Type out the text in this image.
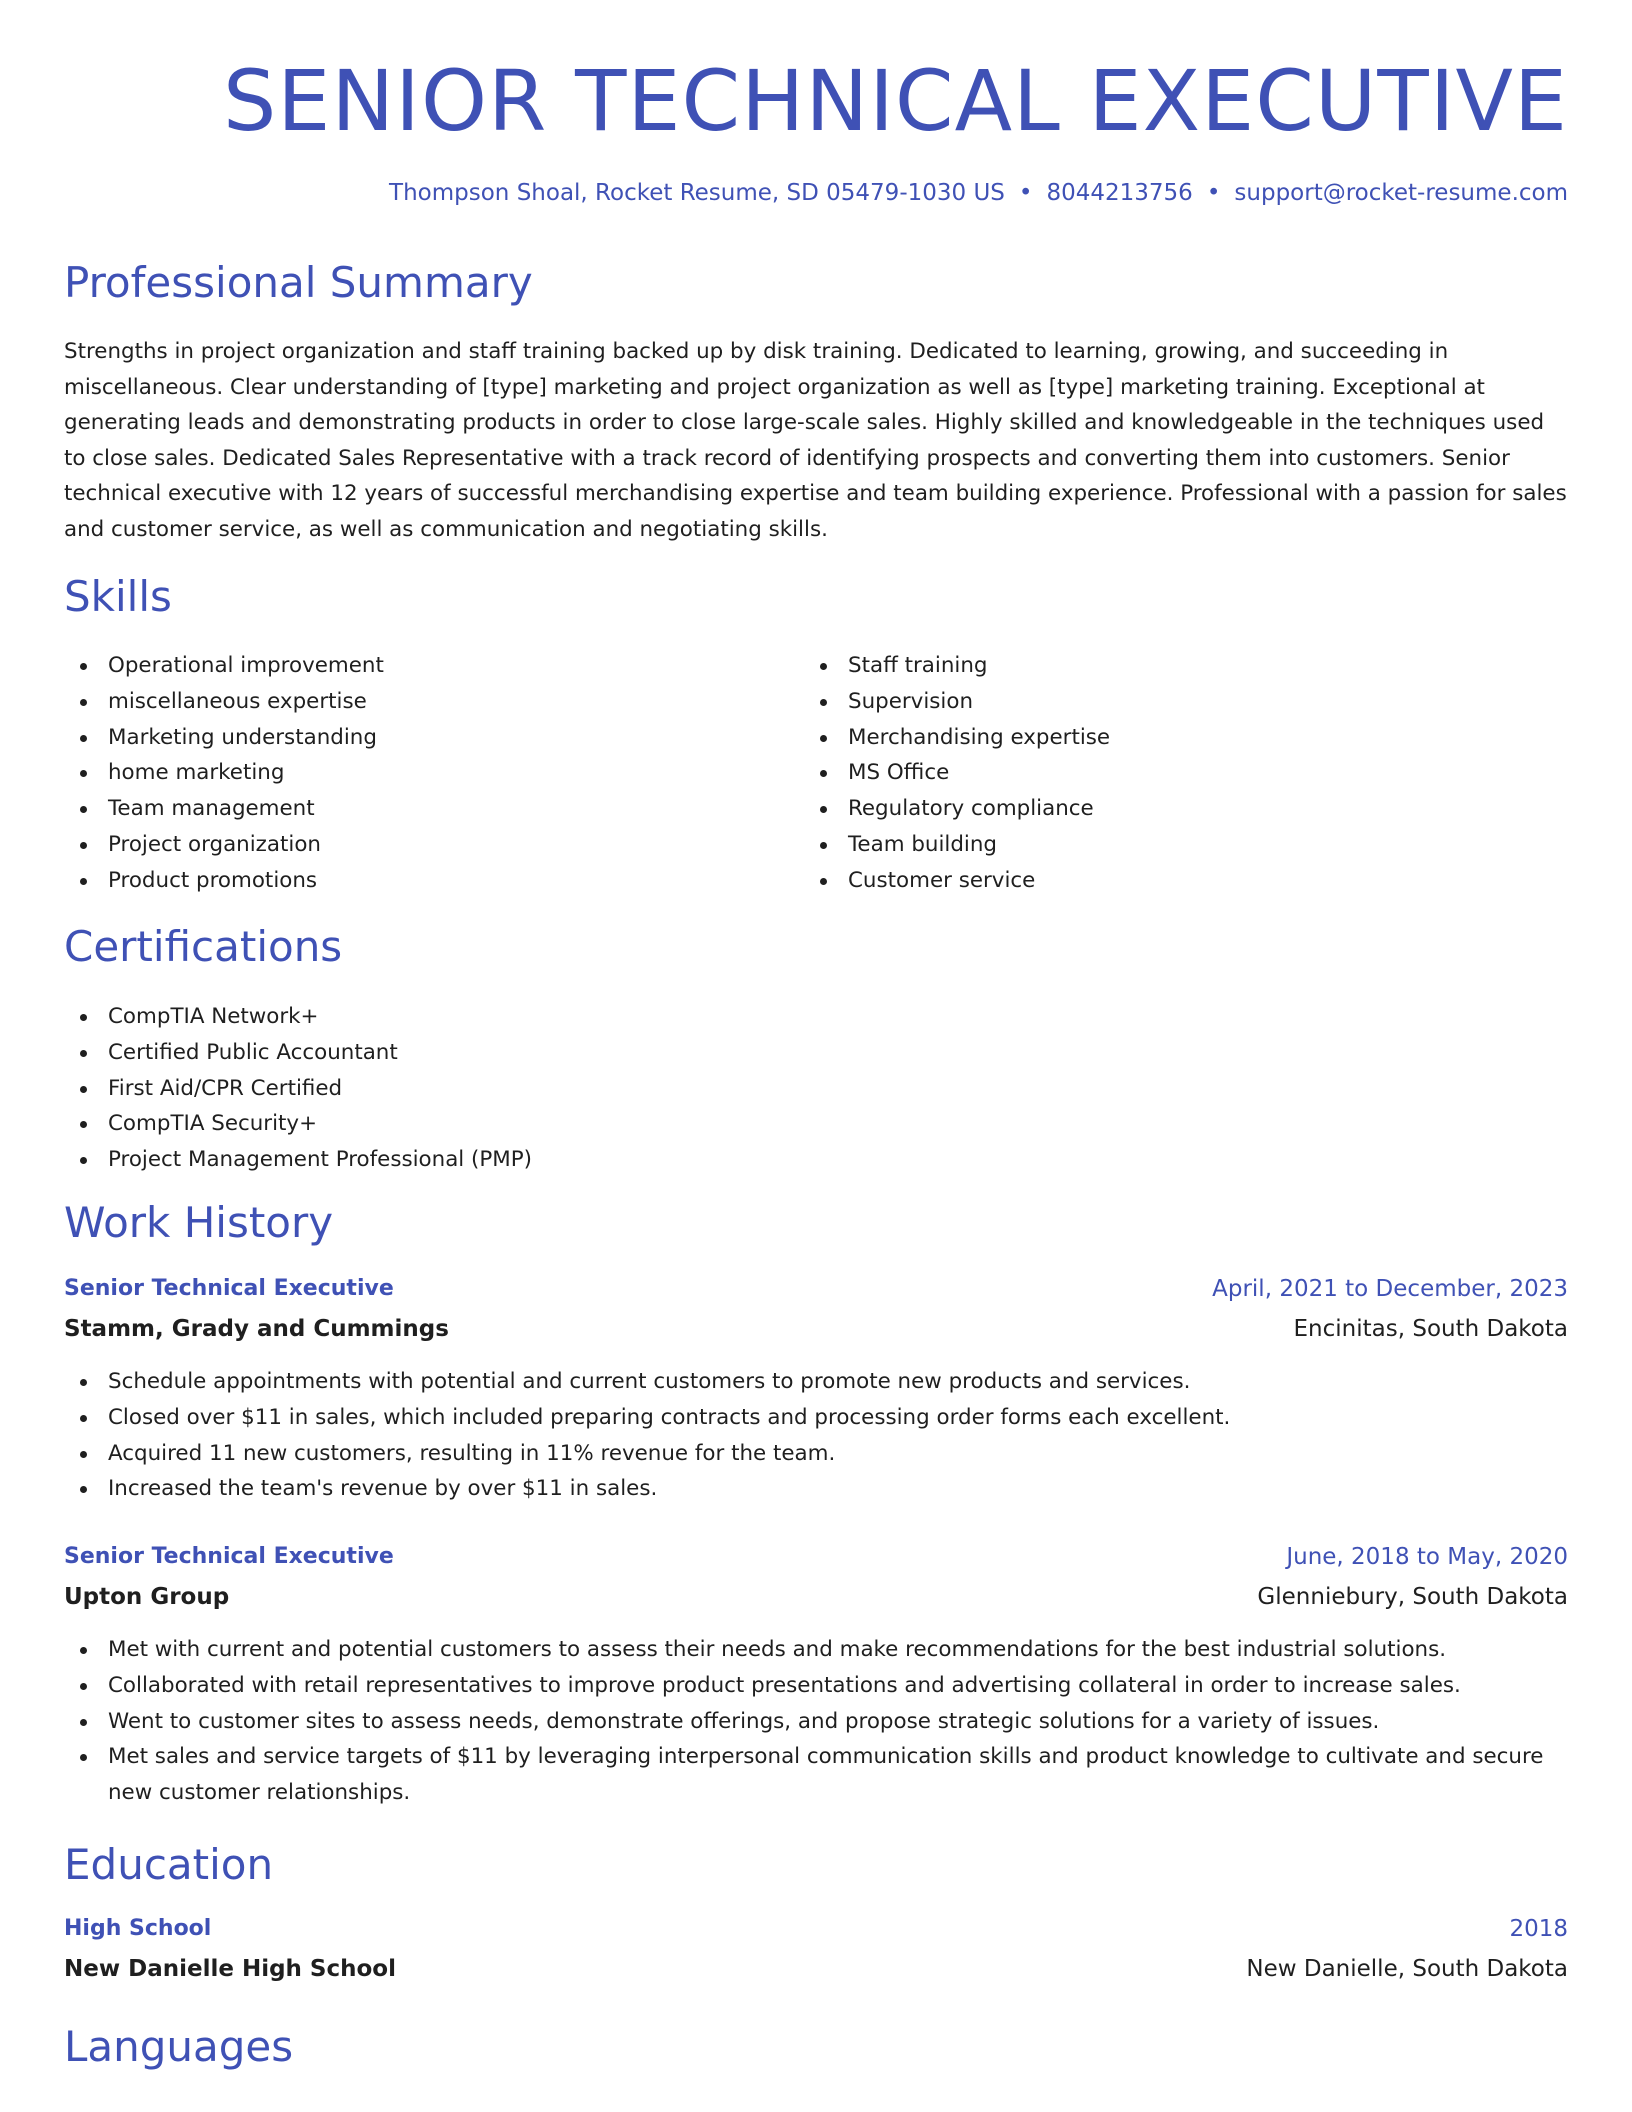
SENIOR TECHNICAL EXECUTIVE
Thompson Shoal, Rocket Resume, SD 05479-1030 US • 8044213756 • support@rocket-resume.com
Professional Summary

Strengths in project organization and staff training backed up by disk training. Dedicated to learning, growing, and succeeding in miscellaneous. Clear understanding of [type] marketing and project organization as well as [type] marketing training. Exceptional at generating leads and demonstrating products in order to close large-scale sales. Highly skilled and knowledgeable in the techniques used to close sales. Dedicated Sales Representative with a track record of identifying prospects and converting them into customers. Senior technical executive with 12 years of successful merchandising expertise and team building experience. Professional with a passion for sales and customer service, as well as communication and negotiating skills.

Skills
Operational improvement
miscellaneous expertise
Marketing understanding
home marketing
Team management
Project organization
Product promotions
Staff training
Supervision
Merchandising expertise
MS Office
Regulatory compliance
Team building
Customer service
Certifications
CompTIA Network+
Certified Public Accountant
First Aid/CPR Certified
CompTIA Security+
Project Management Professional (PMP)
Work History
Senior Technical Executive	April, 2021 to December, 2023
Stamm, Grady and Cummings	Encinitas, South Dakota
Schedule appointments with potential and current customers to promote new products and services.
Closed over $11 in sales, which included preparing contracts and processing order forms each excellent.
Acquired 11 new customers, resulting in 11% revenue for the team.
Increased the team's revenue by over $11 in sales.
Senior Technical Executive	June, 2018 to May, 2020
Upton Group	Glenniebury, South Dakota
Met with current and potential customers to assess their needs and make recommendations for the best industrial solutions.
Collaborated with retail representatives to improve product presentations and advertising collateral in order to increase sales.
Went to customer sites to assess needs, demonstrate offerings, and propose strategic solutions for a variety of issues.
Met sales and service targets of $11 by leveraging interpersonal communication skills and product knowledge to cultivate and secure new customer relationships.
Education
High School	2018
New Danielle High School	New Danielle, South Dakota
Languages
